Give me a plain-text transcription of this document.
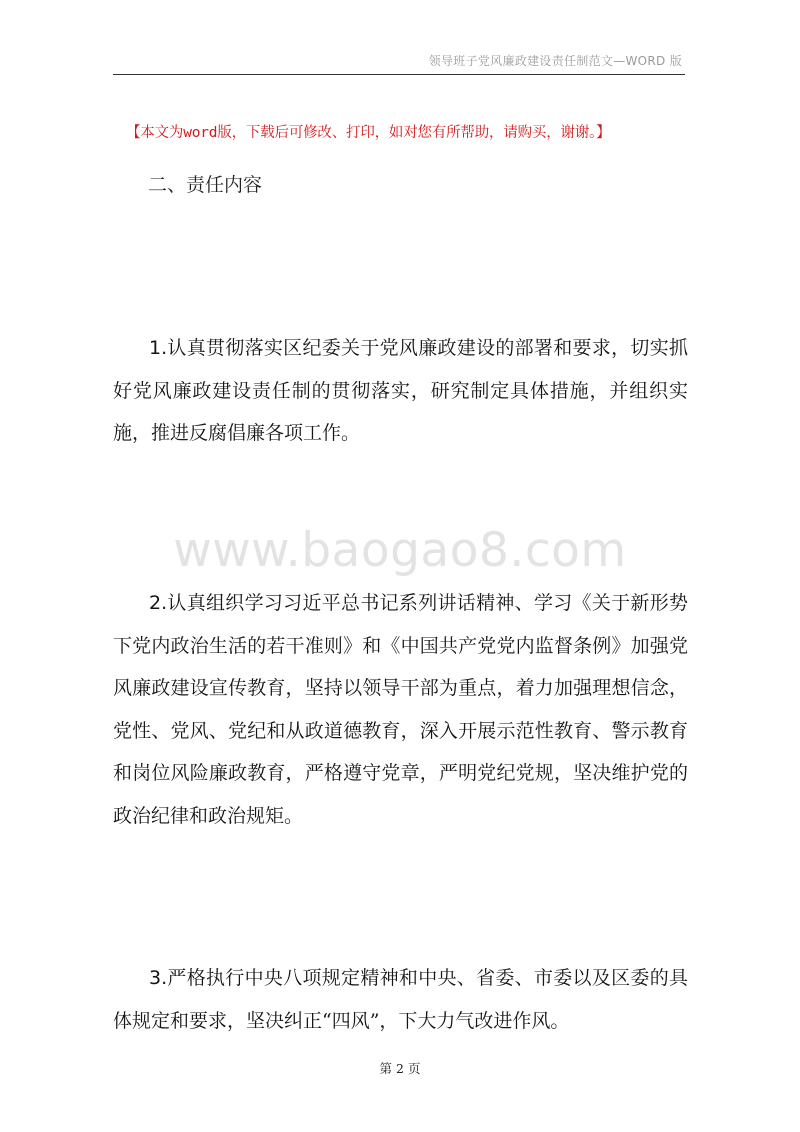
领导班子党风廉政建设责任制范文—WORD 版
【本文为word版，下载后可修改、打印，如对您有所帮助，请购买，谢谢。】
二、责任内容

1.认真贯彻落实区纪委关于党风廉政建设的部署和要求，切实抓好党风廉政建设责任制的贯彻落实，研究制定具体措施，并组织实施，推进反腐倡廉各项工作。

www.baogao8.com

2.认真组织学习习近平总书记系列讲话精神、学习《关于新形势下党内政治生活的若干准则》和《中国共产党党内监督条例》加强党风廉政建设宣传教育，坚持以领导干部为重点，着力加强理想信念，党性、党风、党纪和从政道德教育，深入开展示范性教育、警示教育和岗位风险廉政教育，严格遵守党章，严明党纪党规，坚决维护党的政治纪律和政治规矩。

3.严格执行中央八项规定精神和中央、省委、市委以及区委的具体规定和要求，坚决纠正“四风”，下大力气改进作风。

第 2 页
